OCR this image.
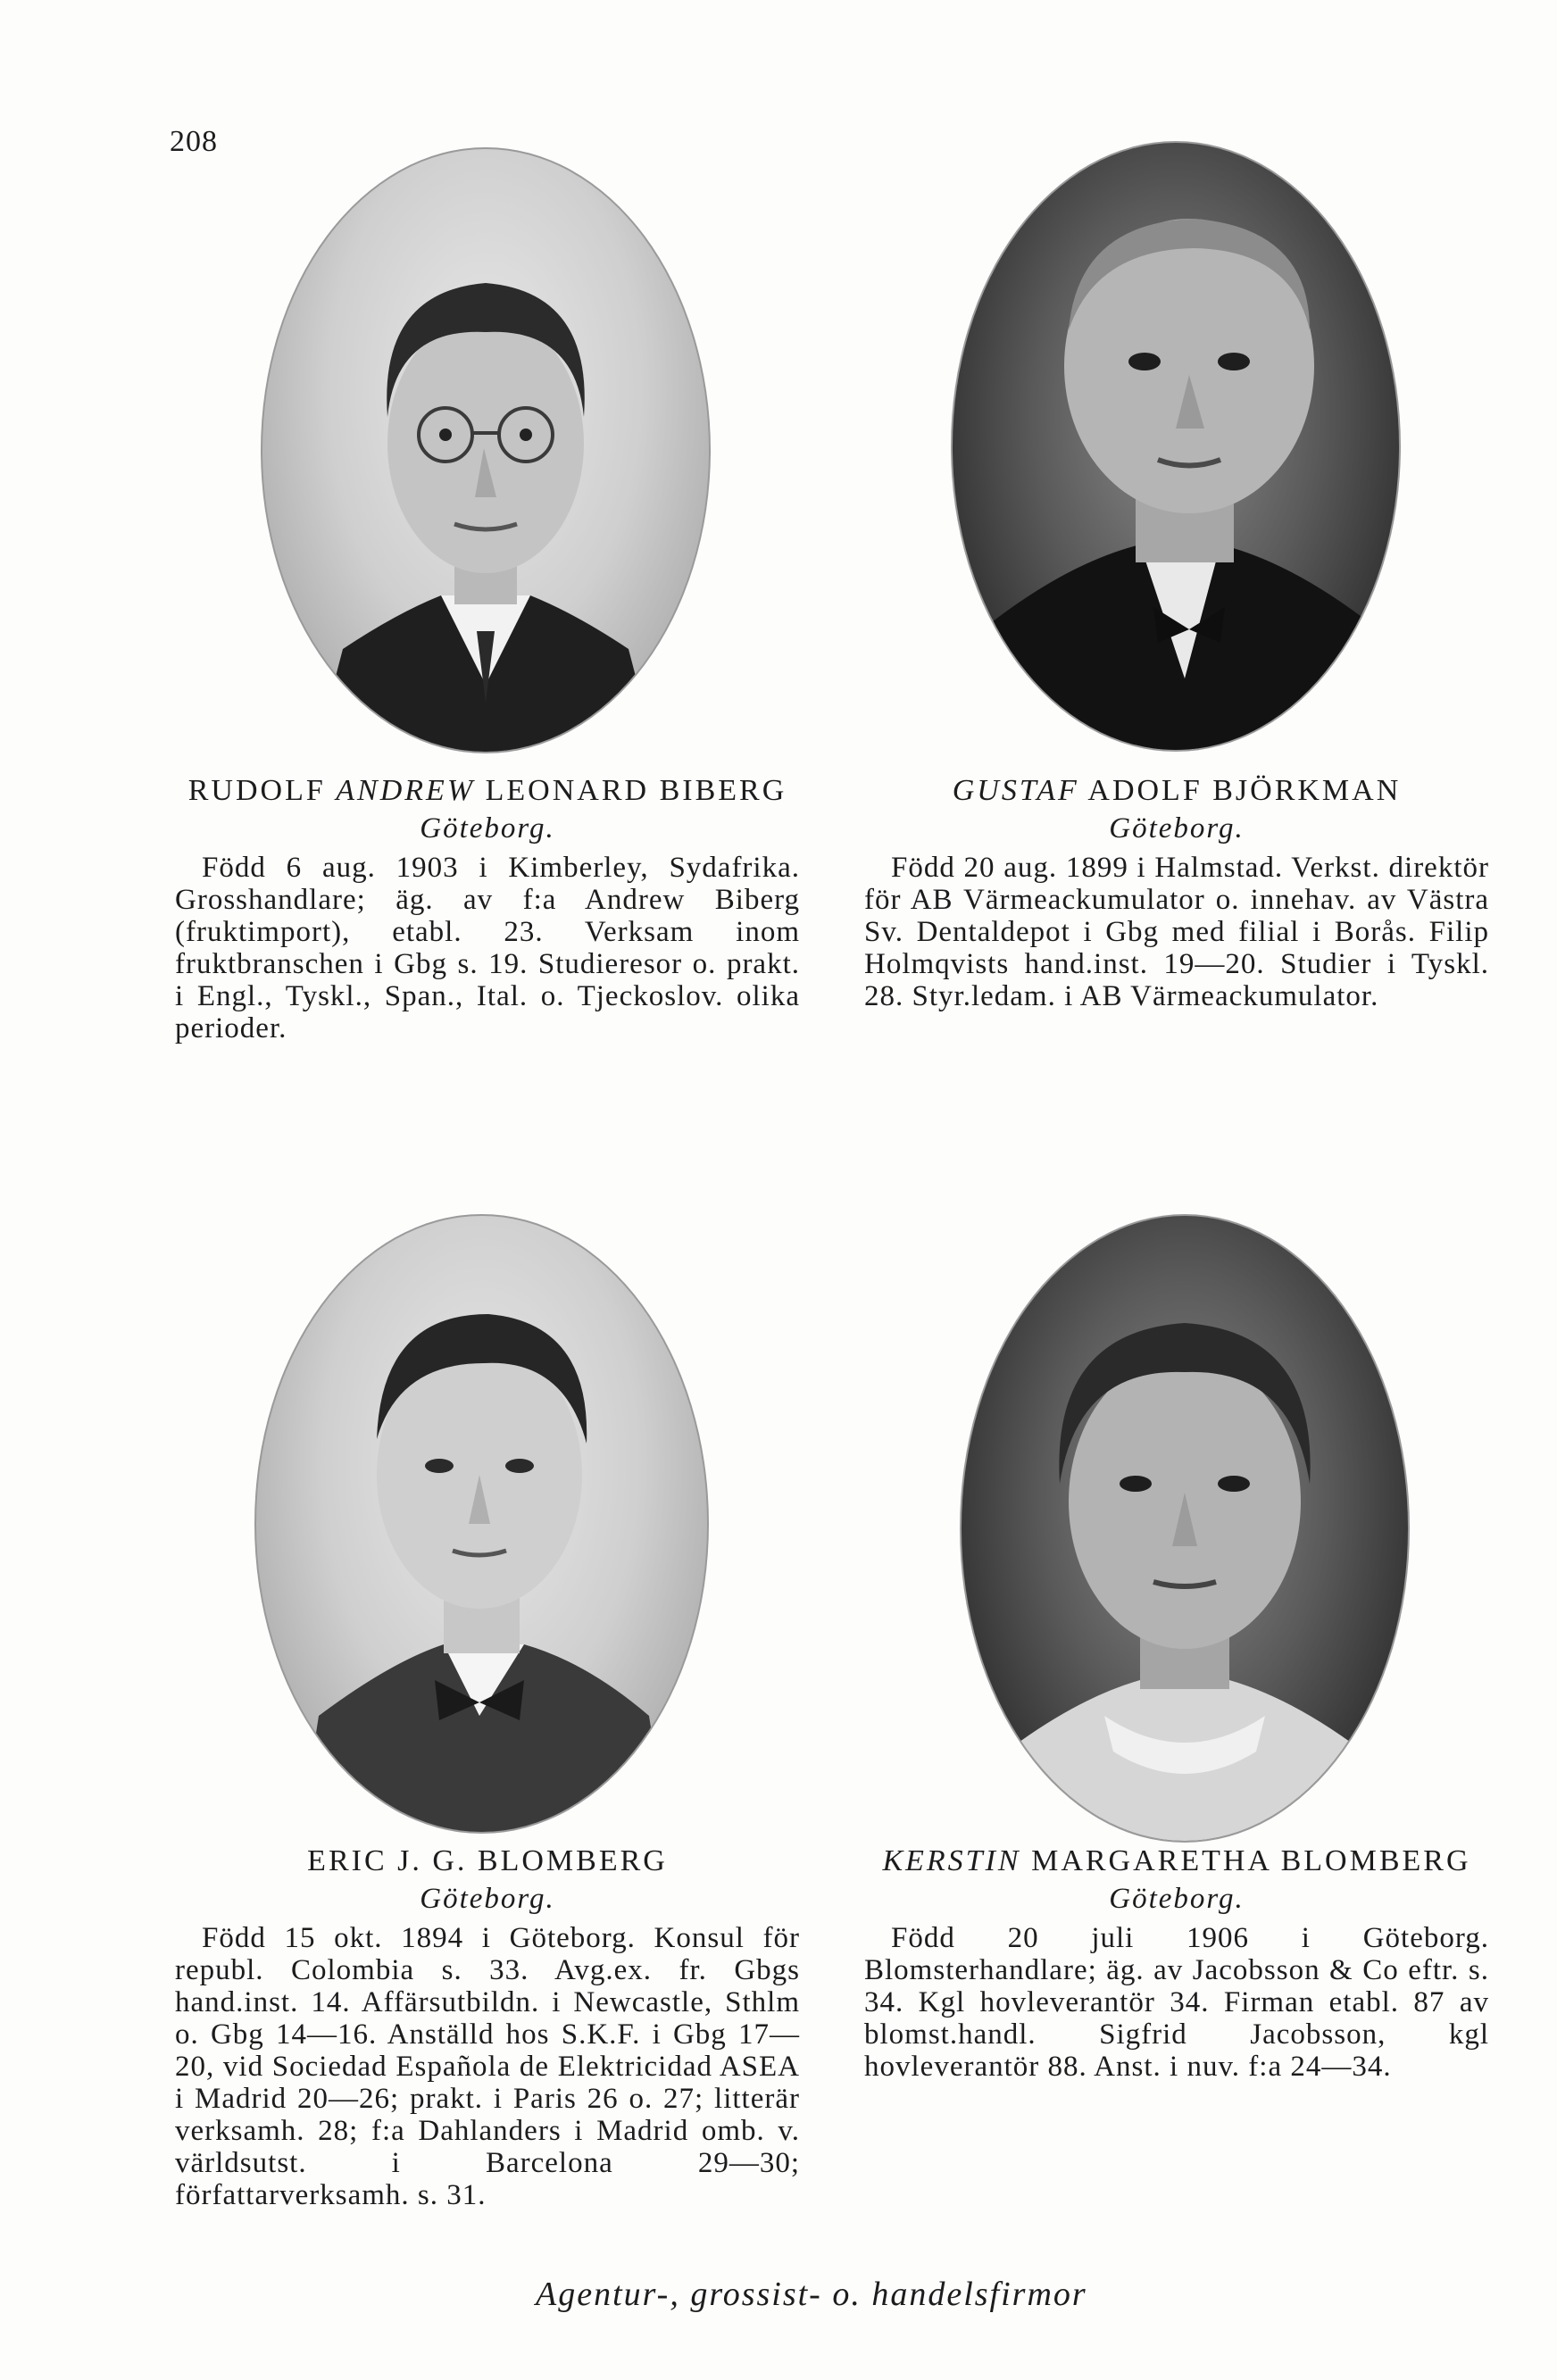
208
RUDOLF ANDREW LEONARD BIBERG
Göteborg.
Född 6 aug. 1903 i Kimberley, Sydafrika. Grosshandlare; äg. av f:a Andrew Biberg (fruktimport), etabl. 23. Verksam inom fruktbranschen i Gbg s. 19. Studieresor o. prakt. i Engl., Tyskl., Span., Ital. o. Tjeckoslov. olika perioder.
GUSTAF ADOLF BJÖRKMAN
Göteborg.
Född 20 aug. 1899 i Halmstad. Verkst. direktör för AB Värmeackumulator o. innehav. av Västra Sv. Dentaldepot i Gbg med filial i Borås. Filip Holmqvists hand.inst. 19—20. Studier i Tyskl. 28. Styr.ledam. i AB Värmeackumulator.
ERIC J. G. BLOMBERG
Göteborg.
Född 15 okt. 1894 i Göteborg. Konsul för republ. Colombia s. 33. Avg.ex. fr. Gbgs hand.inst. 14. Affärsutbildn. i Newcastle, Sthlm o. Gbg 14—16. Anställd hos S.K.F. i Gbg 17—20, vid Sociedad Española de Elektricidad ASEA i Madrid 20—26; prakt. i Paris 26 o. 27; litterär verksamh. 28; f:a Dahlanders i Madrid omb. v. världsutst. i Barcelona 29—30; författarverksamh. s. 31.
KERSTIN MARGARETHA BLOMBERG
Göteborg.
Född 20 juli 1906 i Göteborg. Blomsterhandlare; äg. av Jacobsson & Co eftr. s. 34. Kgl hovleverantör 34. Firman etabl. 87 av blomst.handl. Sigfrid Jacobsson, kgl hovleverantör 88. Anst. i nuv. f:a 24—34.
Agentur-, grossist- o. handelsfirmor
